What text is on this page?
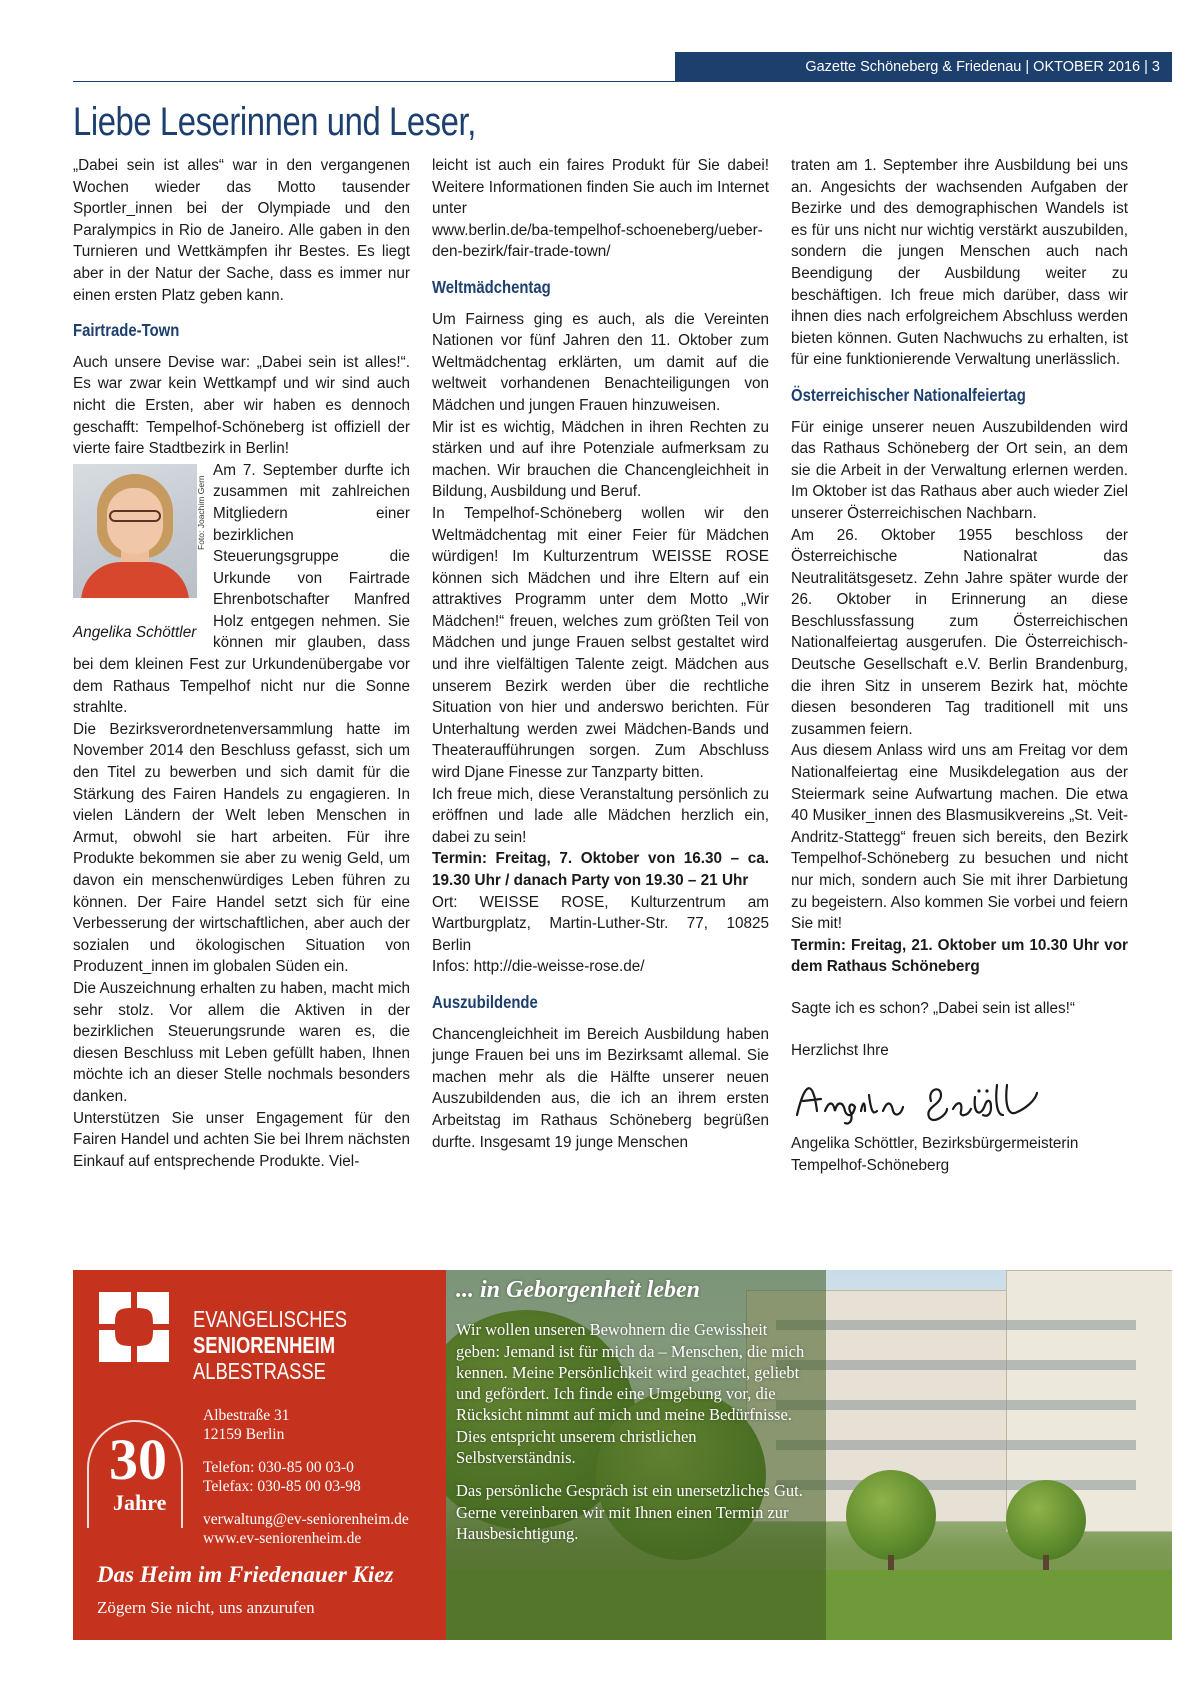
Gazette Schöneberg & Friedenau | OKTOBER 2016 | 3
Liebe Leserinnen und Leser,

„Dabei sein ist alles“ war in den vergangenen Wochen wieder das Motto tausender Sportler_innen bei der Olympiade und den Paralympics in Rio de Janeiro. Alle gaben in den Turnieren und Wettkämpfen ihr Bestes. Es liegt aber in der Natur der Sache, dass es immer nur einen ersten Platz geben kann.

Fairtrade-Town

Auch unsere Devise war: „Dabei sein ist alles!“. Es war zwar kein Wettkampf und wir sind auch nicht die Ersten, aber wir haben es dennoch geschafft: Tempelhof-Schöneberg ist offiziell der vierte faire Stadtbezirk in Berlin!

Foto: Joachim Gern
Angelika Schöttler

Am 7. September durfte ich zusammen mit zahlreichen Mitgliedern einer bezirklichen Steuerungsgruppe die Urkunde von Fairtrade Ehrenbotschafter Manfred Holz entgegen nehmen. Sie können mir glauben, dass bei dem kleinen Fest zur Urkundenübergabe vor dem Rathaus Tempelhof nicht nur die Sonne strahlte.

Die Bezirksverordnetenversammlung hatte im November 2014 den Beschluss gefasst, sich um den Titel zu bewerben und sich damit für die Stärkung des Fairen Handels zu engagieren. In vielen Ländern der Welt leben Menschen in Armut, obwohl sie hart arbeiten. Für ihre Produkte bekommen sie aber zu wenig Geld, um davon ein menschenwürdiges Leben führen zu können. Der Faire Handel setzt sich für eine Verbesserung der wirtschaftlichen, aber auch der sozialen und ökologischen Situation von Produzent_innen im globalen Süden ein.

Die Auszeichnung erhalten zu haben, macht mich sehr stolz. Vor allem die Aktiven in der bezirklichen Steuerungsrunde waren es, die diesen Beschluss mit Leben gefüllt haben, Ihnen möchte ich an dieser Stelle nochmals besonders danken.

Unterstützen Sie unser Engagement für den Fairen Handel und achten Sie bei Ihrem nächsten Einkauf auf entsprechende Produkte. Viel-

leicht ist auch ein faires Produkt für Sie dabei! Weitere Informationen finden Sie auch im Internet unter

www.berlin.de/ba-tempelhof-schoeneberg/ueber-den-bezirk/fair-trade-town/

Weltmädchentag

Um Fairness ging es auch, als die Vereinten Nationen vor fünf Jahren den 11. Oktober zum Weltmädchentag erklärten, um damit auf die weltweit vorhandenen Benachteiligungen von Mädchen und jungen Frauen hinzuweisen.

Mir ist es wichtig, Mädchen in ihren Rechten zu stärken und auf ihre Potenziale aufmerksam zu machen. Wir brauchen die Chancengleichheit in Bildung, Ausbildung und Beruf.

In Tempelhof-Schöneberg wollen wir den Weltmädchentag mit einer Feier für Mädchen würdigen! Im Kulturzentrum WEISSE ROSE können sich Mädchen und ihre Eltern auf ein attraktives Programm unter dem Motto „Wir Mädchen!“ freuen, welches zum größten Teil von Mädchen und junge Frauen selbst gestaltet wird und ihre vielfältigen Talente zeigt. Mädchen aus unserem Bezirk werden über die rechtliche Situation von hier und anderswo berichten. Für Unterhaltung werden zwei Mädchen-Bands und Theateraufführungen sorgen. Zum Abschluss wird Djane Finesse zur Tanzparty bitten.

Ich freue mich, diese Veranstaltung persönlich zu eröffnen und lade alle Mädchen herzlich ein, dabei zu sein!

Termin: Freitag, 7. Oktober von 16.30 – ca. 19.30 Uhr / danach Party von 19.30 – 21 Uhr

Ort: WEISSE ROSE, Kulturzentrum am Wartburgplatz, Martin-Luther-Str. 77, 10825 Berlin

Infos: http://die-weisse-rose.de/

Auszubildende

Chancengleichheit im Bereich Ausbildung haben junge Frauen bei uns im Bezirksamt allemal. Sie machen mehr als die Hälfte unserer neuen Auszubildenden aus, die ich an ihrem ersten Arbeitstag im Rathaus Schöneberg begrüßen durfte. Insgesamt 19 junge Menschen

traten am 1. September ihre Ausbildung bei uns an. Angesichts der wachsenden Aufgaben der Bezirke und des demographischen Wandels ist es für uns nicht nur wichtig verstärkt auszubilden, sondern die jungen Menschen auch nach Beendigung der Ausbildung weiter zu beschäftigen. Ich freue mich darüber, dass wir ihnen dies nach erfolgreichem Abschluss werden bieten können. Guten Nachwuchs zu erhalten, ist für eine funktionierende Verwaltung unerlässlich.

Österreichischer Nationalfeiertag

Für einige unserer neuen Auszubildenden wird das Rathaus Schöneberg der Ort sein, an dem sie die Arbeit in der Verwaltung erlernen werden. Im Oktober ist das Rathaus aber auch wieder Ziel unserer Österreichischen Nachbarn.

Am 26. Oktober 1955 beschloss der Österreichische Nationalrat das Neutralitätsgesetz. Zehn Jahre später wurde der 26. Oktober in Erinnerung an diese Beschlussfassung zum Österreichischen Nationalfeiertag ausgerufen. Die Österreichisch-Deutsche Gesellschaft e.V. Berlin Brandenburg, die ihren Sitz in unserem Bezirk hat, möchte diesen besonderen Tag traditionell mit uns zusammen feiern.

Aus diesem Anlass wird uns am Freitag vor dem Nationalfeiertag eine Musikdelegation aus der Steiermark seine Aufwartung machen. Die etwa 40 Musiker_innen des Blasmusikvereins „St. Veit-Andritz-Stattegg“ freuen sich bereits, den Bezirk Tempelhof-Schöneberg zu besuchen und nicht nur mich, sondern auch Sie mit ihrer Darbietung zu begeistern. Also kommen Sie vorbei und feiern Sie mit!

Termin: Freitag, 21. Oktober um 10.30 Uhr vor dem Rathaus Schöneberg

Sagte ich es schon? „Dabei sein ist alles!“

Herzlichst Ihre

Angelika Schöttler, Bezirksbürgermeisterin

Tempelhof-Schöneberg

EVANGELISCHES
SENIORENHEIM
ALBESTRASSE
30
Jahre
Albestraße 31
12159 Berlin
Telefon: 030-85 00 03-0
Telefax: 030-85 00 03-98
verwaltung@ev-seniorenheim.de
www.ev-seniorenheim.de
Das Heim im Friedenauer Kiez
Zögern Sie nicht, uns anzurufen
... in Geborgenheit leben

Wir wollen unseren Bewohnern die Gewissheit geben: Jemand ist für mich da – Menschen, die mich kennen. Meine Persönlichkeit wird geachtet, geliebt und gefördert. Ich finde eine Umgebung vor, die Rücksicht nimmt auf mich und meine Bedürfnisse. Dies entspricht unserem christlichen Selbstverständnis.

Das persönliche Gespräch ist ein unersetzliches Gut. Gerne vereinbaren wir mit Ihnen einen Termin zur Hausbesichtigung.
